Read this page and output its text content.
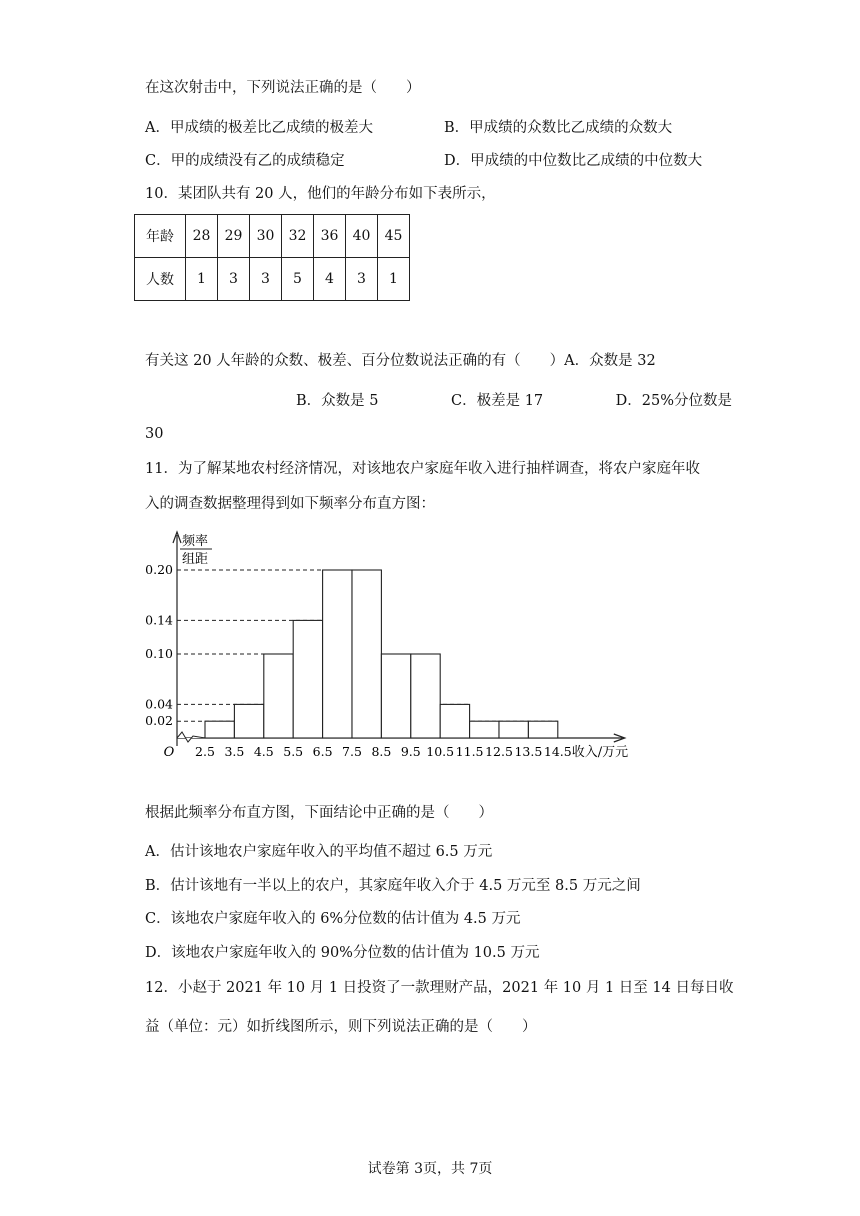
在这次射击中，下列说法正确的是（　　）
A．甲成绩的极差比乙成绩的极差大	B．甲成绩的众数比乙成绩的众数大
C．甲的成绩没有乙的成绩稳定	D．甲成绩的中位数比乙成绩的中位数大
10．某团队共有 20 人，他们的年龄分布如下表所示，
年龄	28	29	30	32	36	40	45
人数	1	3	3	5	4	3	1
有关这 20 人年龄的众数、极差、百分位数说法正确的有（　　）A．众数是 32
B．众数是 5　　　　　C．极差是 17　　　　　D．25%分位数是
30
11．为了解某地农村经济情况，对该地农户家庭年收入进行抽样调查，将农户家庭年收
入的调查数据整理得到如下频率分布直方图：
频率
组距
0.02
0.04
0.10
0.14
0.20
2.5 3.5 4.5 5.5 6.5 7.5 8.5 9.5 10.5 11.5 12.5 13.5 14.5
O	收入/万元
根据此频率分布直方图，下面结论中正确的是（　　）
A．估计该地农户家庭年收入的平均值不超过 6.5 万元
B．估计该地有一半以上的农户，其家庭年收入介于 4.5 万元至 8.5 万元之间
C．该地农户家庭年收入的 6%分位数的估计值为 4.5 万元
D．该地农户家庭年收入的 90%分位数的估计值为 10.5 万元
12．小赵于 2021 年 10 月 1 日投资了一款理财产品，2021 年 10 月 1 日至 14 日每日收
益（单位：元）如折线图所示，则下列说法正确的是（　　）
试卷第 3页，共 7页
